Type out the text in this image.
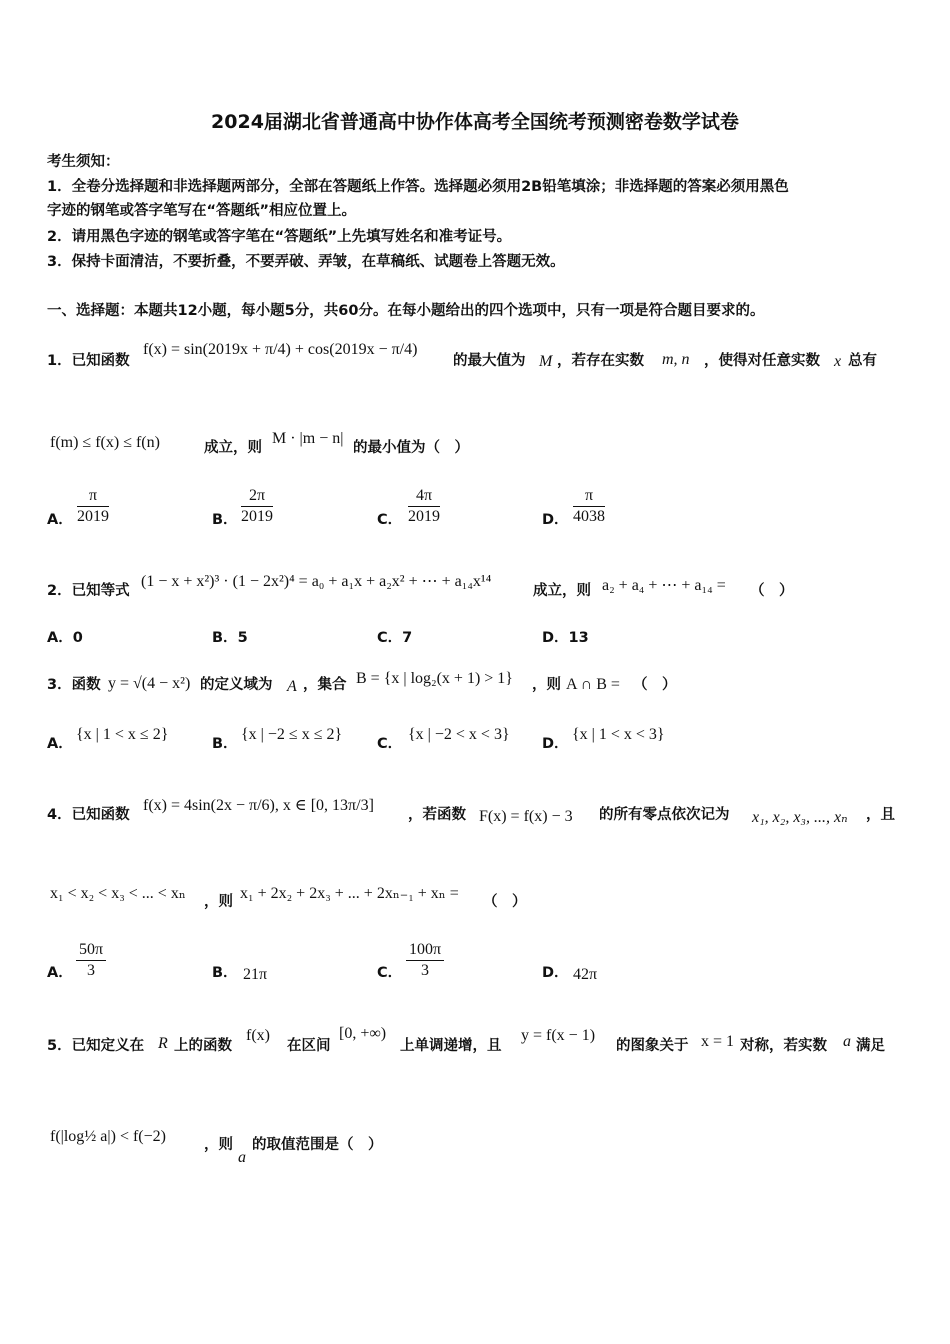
2024届湖北省普通高中协作体高考全国统考预测密卷数学试卷
考生须知：
1．全卷分选择题和非选择题两部分，全部在答题纸上作答。选择题必须用2B铅笔填涂；非选择题的答案必须用黑色
字迹的钢笔或答字笔写在“答题纸”相应位置上。
2．请用黑色字迹的钢笔或答字笔在“答题纸”上先填写姓名和准考证号。
3．保持卡面清洁，不要折叠，不要弄破、弄皱，在草稿纸、试题卷上答题无效。
一、选择题：本题共12小题，每小题5分，共60分。在每小题给出的四个选项中，只有一项是符合题目要求的。
1．已知函数
f(x) = sin(2019x + π/4) + cos(2019x − π/4)
的最大值为 M ，若存在实数 m, n ，使得对任意实数 x 总有
f(m) ≤ f(x) ≤ f(n)	成立，则
M · |m − n|
的最小值为（　）
A． $\frac{\pi}{2019}$	B． $\frac{2\pi}{2019}$	C． $\frac{4\pi}{2019}$	D． $\frac{\pi}{4038}$
2．已知等式
(1 − x + x²)³ · (1 − 2x²)⁴ = a₀ + a₁x + a₂x² + ⋯ + a₁₄x¹⁴
成立，则 a₂ + a₄ + ⋯ + a₁₄ = （　）
A．0	B．5	C．7	D．13
3．函数 y = √(4 − x²) 的定义域为 A ，集合 B = {x | log₂(x + 1) > 1} ，则 A ∩ B = （　）
A．
{x | 1 < x ≤ 2}
B．
{x | −2 ≤ x ≤ 2}
C．
{x | −2 < x < 3}
D．
{x | 1 < x < 3}
4．已知函数
f(x) = 4sin(2x − π/6), x ∈ [0, 13π/3]
，若函数 F(x) = f(x) − 3 的所有零点依次记为 x₁, x₂, x₃, ..., xₙ ，且
x₁ < x₂ < x₃ < ... < xₙ ，则 x₁ + 2x₂ + 2x₃ + ... + 2xₙ₋₁ + xₙ = （　）
A． $\frac{50\pi}{3}$	B． 21π	C． $\frac{100\pi}{3}$	D． 42π
5．已知定义在 R 上的函数
f(x)
在区间
[0, +∞)
上单调递增，且
y = f(x − 1)
的图象关于 x = 1 对称，若实数 a 满足
f(|log½ a|) < f(−2)	，则
a
的取值范围是（　）
